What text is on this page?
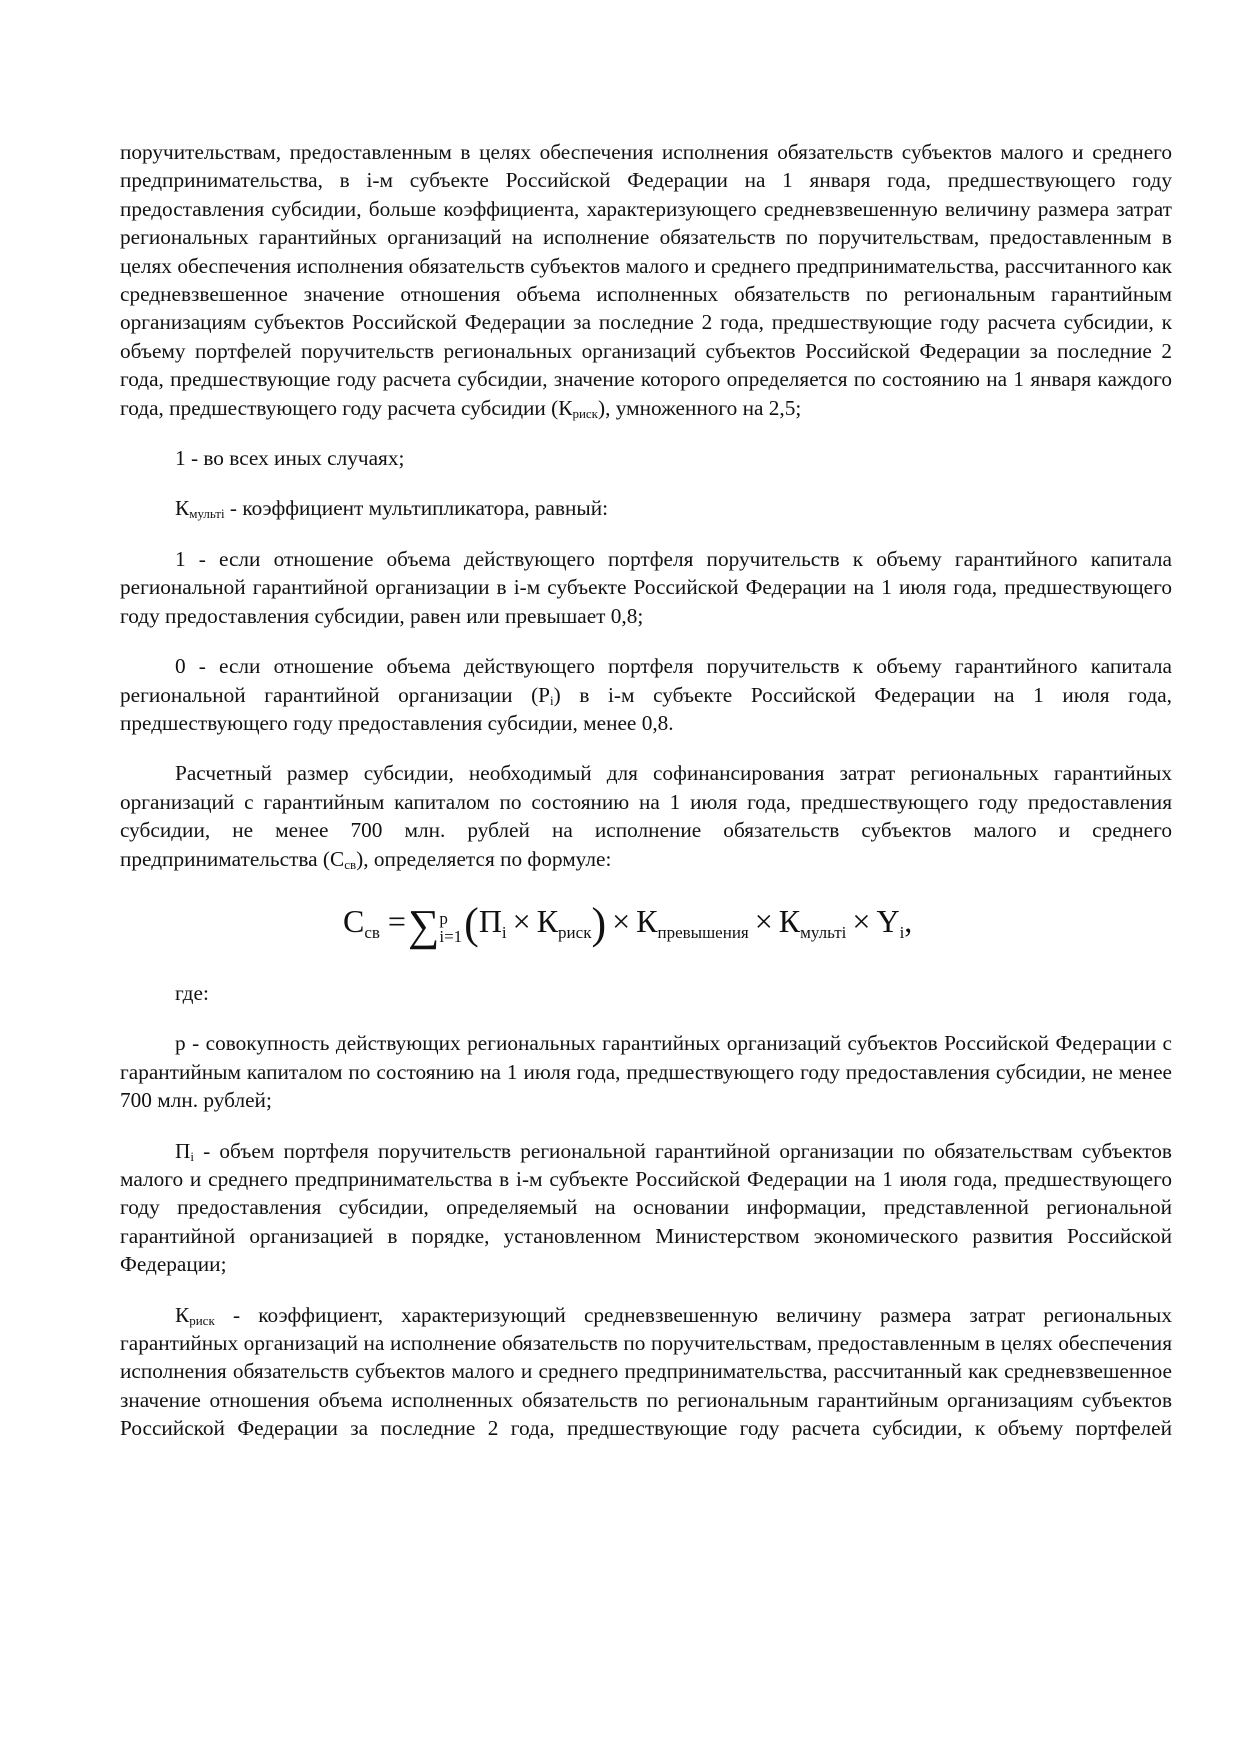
поручительствам, предоставленным в целях обеспечения исполнения обязательств субъектов малого и среднего предпринимательства, в i-м субъекте Российской Федерации на 1 января года, предшествующего году предоставления субсидии, больше коэффициента, характеризующего средневзвешенную величину размера затрат региональных гарантийных организаций на исполнение обязательств по поручительствам, предоставленным в целях обеспечения исполнения обязательств субъектов малого и среднего предпринимательства, рассчитанного как средневзвешенное значение отношения объема исполненных обязательств по региональным гарантийным организациям субъектов Российской Федерации за последние 2 года, предшествующие году расчета субсидии, к объему портфелей поручительств региональных организаций субъектов Российской Федерации за последние 2 года, предшествующие году расчета субсидии, значение которого определяется по состоянию на 1 января каждого года, предшествующего году расчета субсидии $(К_{риск})$, умноженного на 2,5;

1 - во всех иных случаях;

$К_{мультi}$ - коэффициент мультипликатора, равный:

1 - если отношение объема действующего портфеля поручительств к объему гарантийного капитала региональной гарантийной организации в i-м субъекте Российской Федерации на 1 июля года, предшествующего году предоставления субсидии, равен или превышает 0,8;

0 - если отношение объема действующего портфеля поручительств к объему гарантийного капитала региональной гарантийной организации $(P_i)$ в i-м субъекте Российской Федерации на 1 июля года, предшествующего году предоставления субсидии, менее 0,8.

Расчетный размер субсидии, необходимый для софинансирования затрат региональных гарантийных организаций с гарантийным капиталом по состоянию на 1 июля года, предшествующего году предоставления субсидии, не менее 700 млн. рублей на исполнение обязательств субъектов малого и среднего предпринимательства $(С_{св})$, определяется по формуле:

Ссв =∑ p
i=1 (Пi × Криск) × Кпревышения × Кмультi × Yi,

где:

p - совокупность действующих региональных гарантийных организаций субъектов Российской Федерации с гарантийным капиталом по состоянию на 1 июля года, предшествующего году предоставления субсидии, не менее 700 млн. рублей;

$П_i$ - объем портфеля поручительств региональной гарантийной организации по обязательствам субъектов малого и среднего предпринимательства в i-м субъекте Российской Федерации на 1 июля года, предшествующего году предоставления субсидии, определяемый на основании информации, представленной региональной гарантийной организацией в порядке, установленном Министерством экономического развития Российской Федерации;

$К_{риск}$ - коэффициент, характеризующий средневзвешенную величину размера затрат региональных гарантийных организаций на исполнение обязательств по поручительствам, предоставленным в целях обеспечения исполнения обязательств субъектов малого и среднего предпринимательства, рассчитанный как средневзвешенное значение отношения объема исполненных обязательств по региональным гарантийным организациям субъектов Российской Федерации за последние 2 года, предшествующие году расчета субсидии, к объему портфелей
